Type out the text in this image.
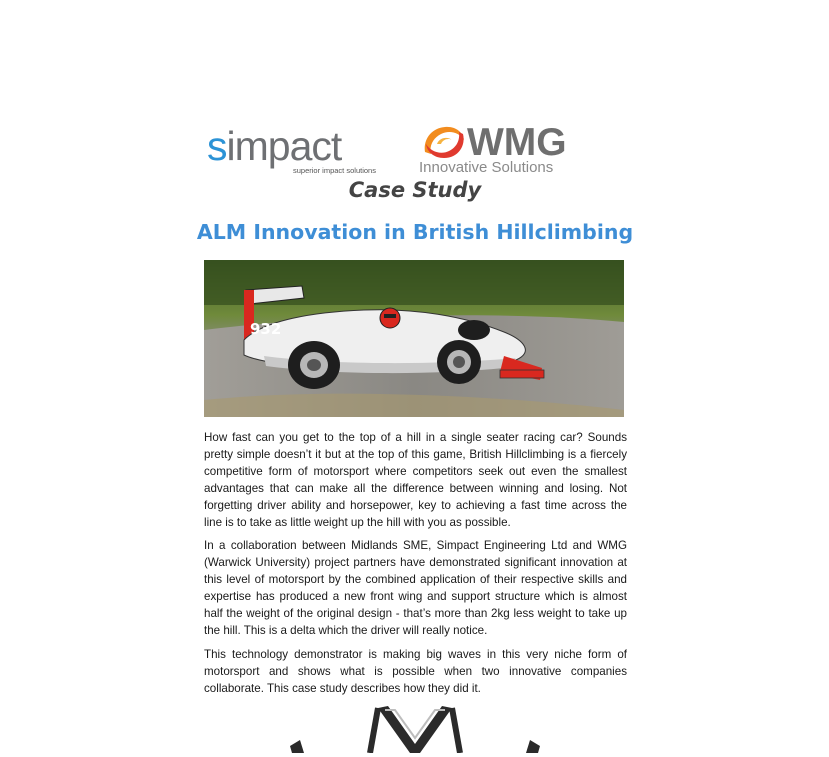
simpact
superior impact solutions
WMG
Innovative Solutions
Case Study
ALM Innovation in British Hillclimbing
932

How fast can you get to the top of a hill in a single seater racing car? Sounds pretty simple doesn’t it but at the top of this game, British Hillclimbing is a fiercely competitive form of motorsport where competitors seek out even the smallest advantages that can make all the difference between winning and losing. Not forgetting driver ability and horsepower, key to achieving a fast time across the line is to take as little weight up the hill with you as possible.

In a collaboration between Midlands SME, Simpact Engineering Ltd and WMG (Warwick University) project partners have demonstrated significant innovation at this level of motorsport by the combined application of their respective skills and expertise has produced a new front wing and support structure which is almost half the weight of the original design - that’s more than 2kg less weight to take up the hill. This is a delta which the driver will really notice.

This technology demonstrator is making big waves in this very niche form of motorsport and shows what is possible when two innovative companies collaborate. This case study describes how they did it.
